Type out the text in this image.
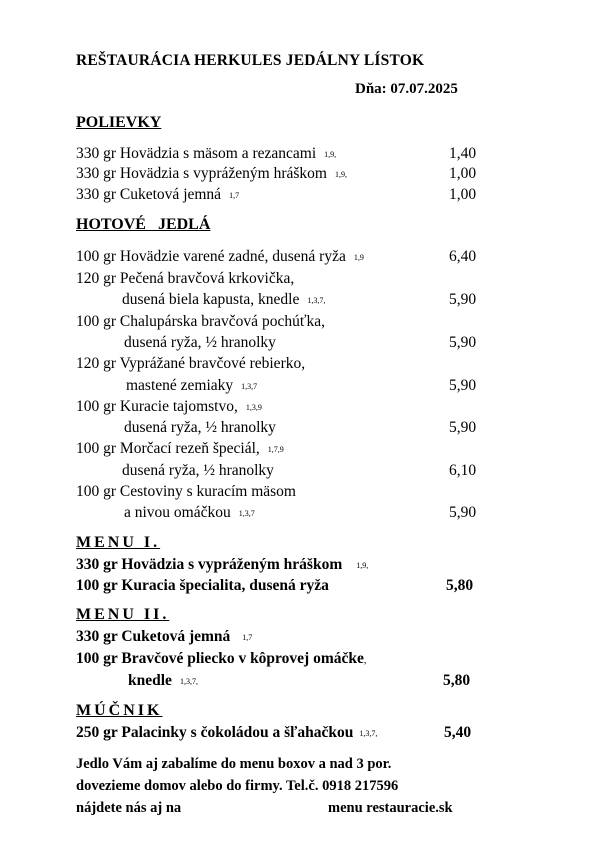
REŠTAURÁCIA HERKULES JEDÁLNY LÍSTOK
Dňa: 07.07.2025
POLIEVKY
330 gr Hovädzia s mäsom a rezancami 1,9,	1,40
330 gr Hovädzia s vypráženým hráškom 1,9,	1,00
330 gr Cuketová jemná 1,7	1,00
HOTOVÉ   JEDLÁ
100 gr Hovädzie varené zadné, dusená ryža 1,9	6,40
120 gr Pečená bravčová krkovička,
dusená biela kapusta, knedle 1,3,7,	5,90
100 gr Chalupárska bravčová pochúťka,
dusená ryža, ½ hranolky	5,90
120 gr Vyprážané bravčové rebierko,
mastené zemiaky 1,3,7	5,90
100 gr Kuracie tajomstvo, 1,3,9
dusená ryža, ½ hranolky	5,90
100 gr Morčací rezeň špeciál, 1,7,9
dusená ryža, ½ hranolky	6,10
100 gr Cestoviny s kuracím mäsom
a nivou omáčkou 1,3,7	5,90
MENU I.
330 gr Hovädzia s vypráženým hráškom 1,9,
100 gr Kuracia špecialita, dusená ryža	5,80
MENU II.
330 gr Cuketová jemná 1,7
100 gr Bravčové pliecko v kôprovej omáčke,
knedle 1,3,7,	5,80
MÚČNIK
250 gr Palacinky s čokoládou a šľahačkou 1,3,7,	5,40
Jedlo Vám aj zabalíme do menu boxov a nad 3 por.
dovezieme domov alebo do firmy. Tel.č. 0918 217596
nájdete nás aj na	menu restauracie.sk
